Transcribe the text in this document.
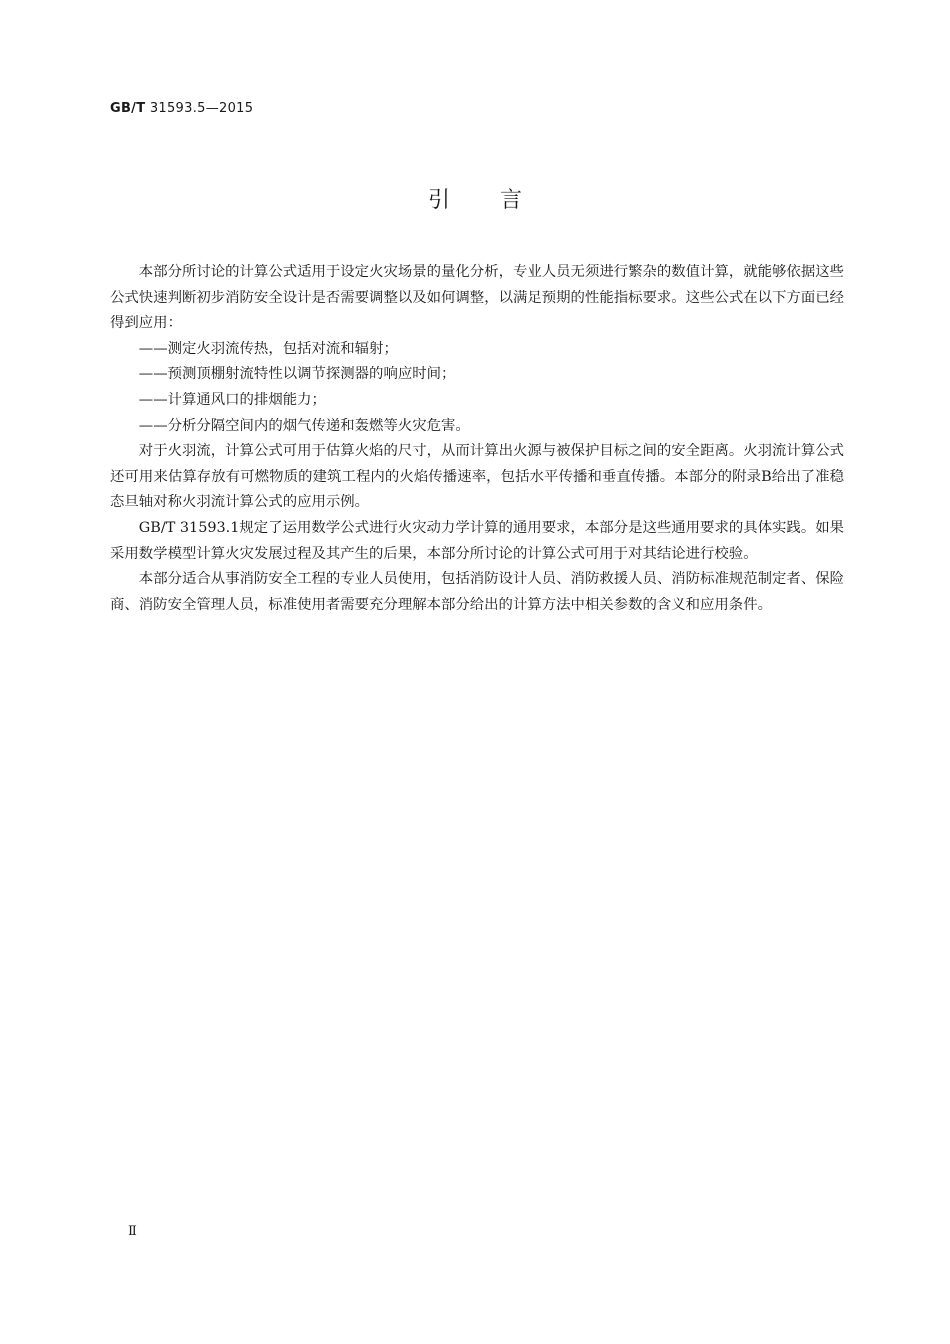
GB/T 31593.5—2015
引言

本部分所讨论的计算公式适用于设定火灾场景的量化分析，专业人员无须进行繁杂的数值计算，就能够依据这些公式快速判断初步消防安全设计是否需要调整以及如何调整，以满足预期的性能指标要求。这些公式在以下方面已经得到应用：

——测定火羽流传热，包括对流和辐射；

——预测顶棚射流特性以调节探测器的响应时间；

——计算通风口的排烟能力；

——分析分隔空间内的烟气传递和轰燃等火灾危害。

对于火羽流，计算公式可用于估算火焰的尺寸，从而计算出火源与被保护目标之间的安全距离。火羽流计算公式还可用来估算存放有可燃物质的建筑工程内的火焰传播速率，包括水平传播和垂直传播。本部分的附录B给出了准稳态旦轴对称火羽流计算公式的应用示例。

GB/T 31593.1规定了运用数学公式进行火灾动力学计算的通用要求，本部分是这些通用要求的具体实践。如果采用数学模型计算火灾发展过程及其产生的后果，本部分所讨论的计算公式可用于对其结论进行校验。

本部分适合从事消防安全工程的专业人员使用，包括消防设计人员、消防救援人员、消防标准规范制定者、保险商、消防安全管理人员，标准使用者需要充分理解本部分给出的计算方法中相关参数的含义和应用条件。

Ⅱ
